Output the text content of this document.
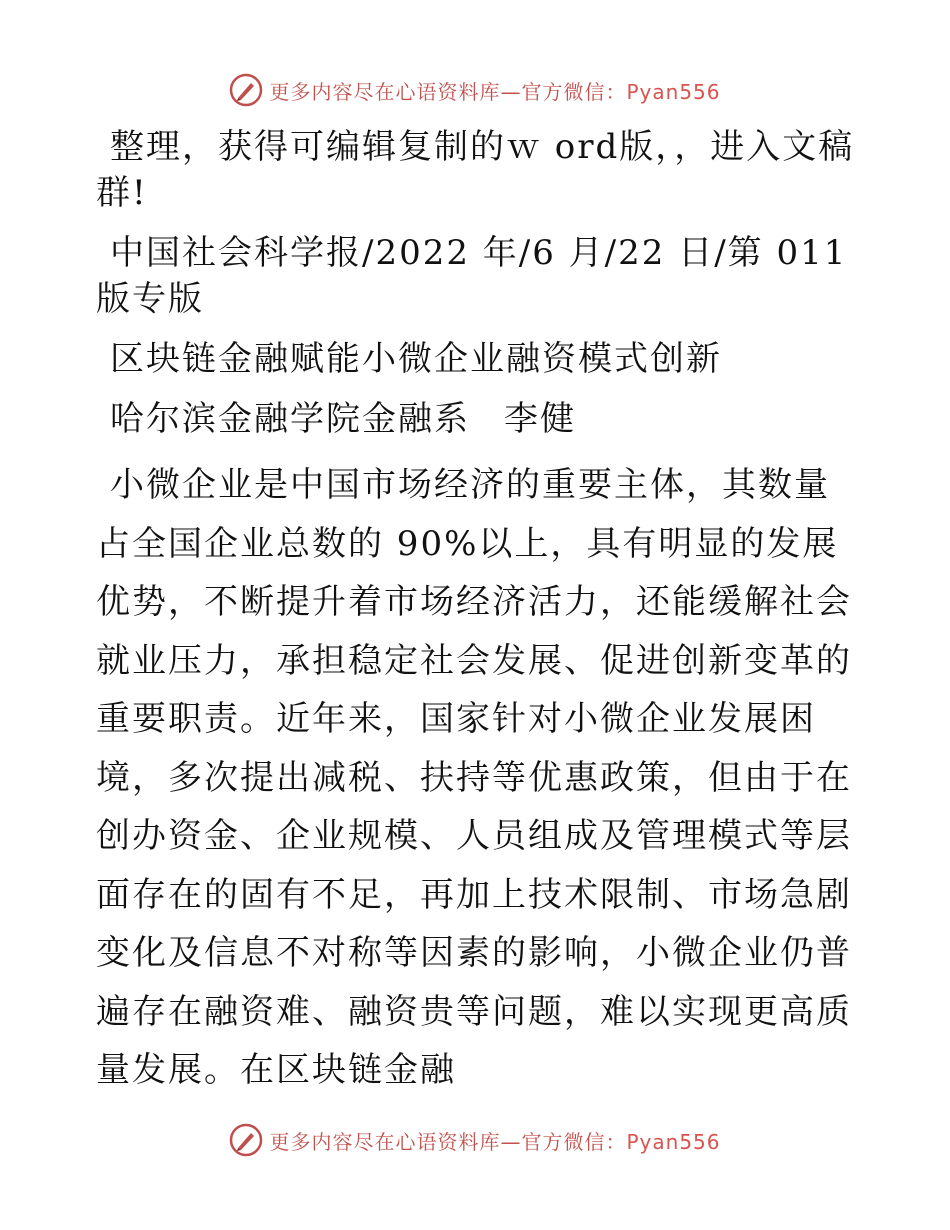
更多内容尽在心语资料库—官方微信：Pyan556

整理，获得可编辑复制的ｗ ord版，，进入文稿群!

中国社会科学报/2022 年/6 月/22 日/第 011 版专版

区块链金融赋能小微企业融资模式创新

哈尔滨金融学院金融系 李健

小微企业是中国市场经济的重要主体，其数量占全国企业总数的 90%以上，具有明显的发展优势，不断提升着市场经济活力，还能缓解社会就业压力，承担稳定社会发展、促进创新变革的重要职责。近年来，国家针对小微企业发展困境，多次提出减税、扶持等优惠政策，但由于在创办资金、企业规模、人员组成及管理模式等层面存在的固有不足，再加上技术限制、市场急剧变化及信息不对称等因素的影响，小微企业仍普遍存在融资难、融资贵等问题，难以实现更高质量发展。在区块链金融

更多内容尽在心语资料库—官方微信：Pyan556
